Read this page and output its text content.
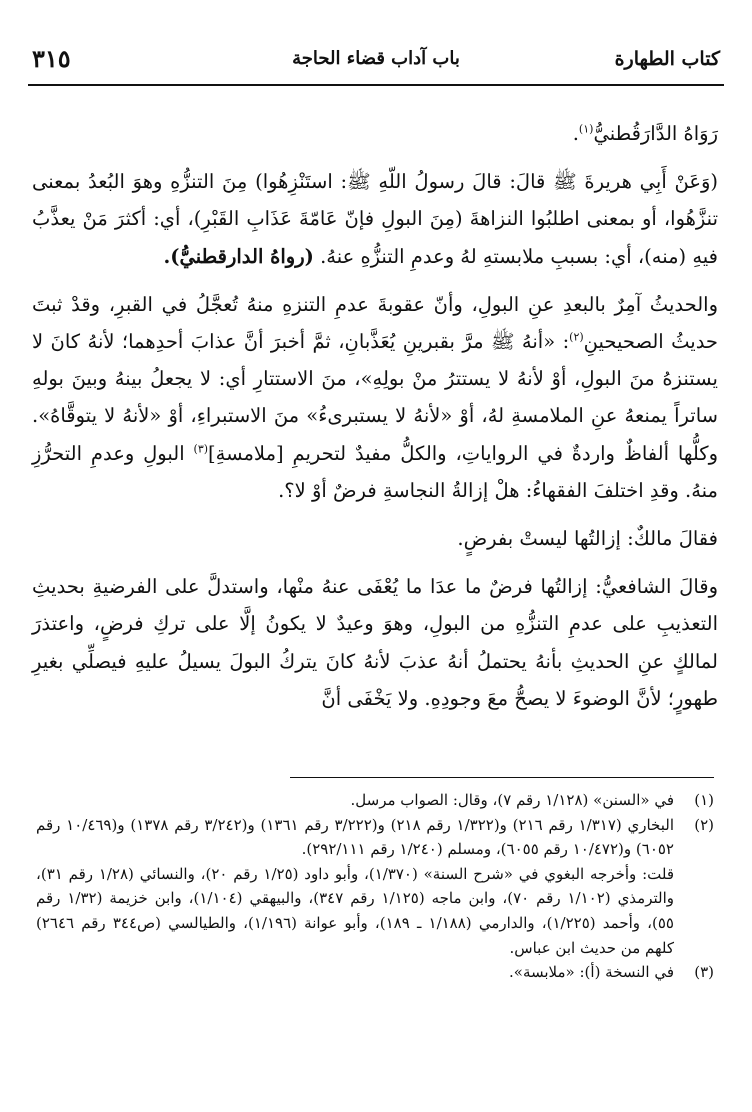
كتاب الطهارة
باب آداب قضاء الحاجة
٣١٥

رَوَاهُ الدَّارَقُطنيُّ$^{(١)}$.

(وَعَنْ أَبِي هريرةَ ﷺ قالَ: قالَ رسولُ اللّهِ ﷺ: استَنْزِهُوا) مِنَ التنزُّهِ وهوَ البُعدُ بمعنى تنزَّهُوا، أو بمعنى اطلبُوا النزاهةَ (مِنَ البولِ فإنّ عَامّةَ عَذَابِ القَبْرِ)، أي: أكثرَ مَنْ يعذَّبُ فيهِ (منه)، أي: بسببِ ملابستهِ لهُ وعدمِ التنزُّهِ عنهُ. (رواهُ الدارقطنيُّ).

والحديثُ آمِرٌ بالبعدِ عنِ البولِ، وأنّ عقوبةَ عدمِ التنزهِ منهُ تُعجَّلُ في القبرِ، وقدْ ثبتَ حديثُ الصحيحينِ$^{(٢)}$: «أنهُ ﷺ مرَّ بقبرينِ يُعَذَّبانِ، ثمَّ أخبرَ أنَّ عذابَ أحدِهما؛ لأنهُ كانَ لا يستنزهُ منَ البولِ، أوْ لأنهُ لا يستترُ منْ بولِهِ»، منَ الاستتارِ أي: لا يجعلُ بينهُ وبينَ بولهِ ساتراً يمنعهُ عنِ الملامسةِ لهُ، أوْ «لأنهُ لا يستبرىءُ» منَ الاستبراءِ، أوْ «لأنهُ لا يتوقَّاهُ». وكلُّها ألفاظٌ واردةٌ في الرواياتِ، والكلُّ مفيدٌ لتحريمِ [ملامسةِ]$^{(٣)}$ البولِ وعدمِ التحرُّزِ منهُ. وقدِ اختلفَ الفقهاءُ: هلْ إزالةُ النجاسةِ فرضٌ أوْ لا؟.

فقالَ مالكٌ: إزالتُها ليستْ بفرضٍ.

وقالَ الشافعيُّ: إزالتُها فرضٌ ما عدَا ما يُعْفَى عنهُ منْها، واستدلَّ على الفرضيةِ بحديثِ التعذيبِ على عدمِ التنزُّهِ من البولِ، وهوَ وعيدٌ لا يكونُ إلَّا على تركِ فرضٍ، واعتذرَ لمالكٍ عنِ الحديثِ بأنهُ يحتملُ أنهُ عذبَ لأنهُ كانَ يتركُ البولَ يسيلُ عليهِ فيصلِّي بغيرِ طهورٍ؛ لأنَّ الوضوءَ لا يصحُّ معَ وجودِهِ. ولا يَخْفَى أنَّ

(١)
في «السنن» (١/١٢٨ رقم ٧)، وقال: الصواب مرسل.
(٢)
البخاري (١/٣١٧ رقم ٢١٦) و(١/٣٢٢ رقم ٢١٨) و(٣/٢٢٢ رقم ١٣٦١) و(٣/٢٤٢ رقم ١٣٧٨) و(١٠/٤٦٩ رقم ٦٠٥٢) و(١٠/٤٧٢ رقم ٦٠٥٥)، ومسلم (١/٢٤٠ رقم ٢٩٢/١١١).
قلت: وأخرجه البغوي في «شرح السنة» (١/٣٧٠)، وأبو داود (١/٢٥ رقم ٢٠)، والنسائي (١/٢٨ رقم ٣١)، والترمذي (١/١٠٢ رقم ٧٠)، وابن ماجه (١/١٢٥ رقم ٣٤٧)، والبيهقي (١/١٠٤)، وابن خزيمة (١/٣٢ رقم ٥٥)، وأحمد (١/٢٢٥)، والدارمي (١/١٨٨ ـ ١٨٩)، وأبو عوانة (١/١٩٦)، والطيالسي (ص٣٤٤ رقم ٢٦٤٦) كلهم من حديث ابن عباس.
(٣)
في النسخة (أ): «ملابسة».
